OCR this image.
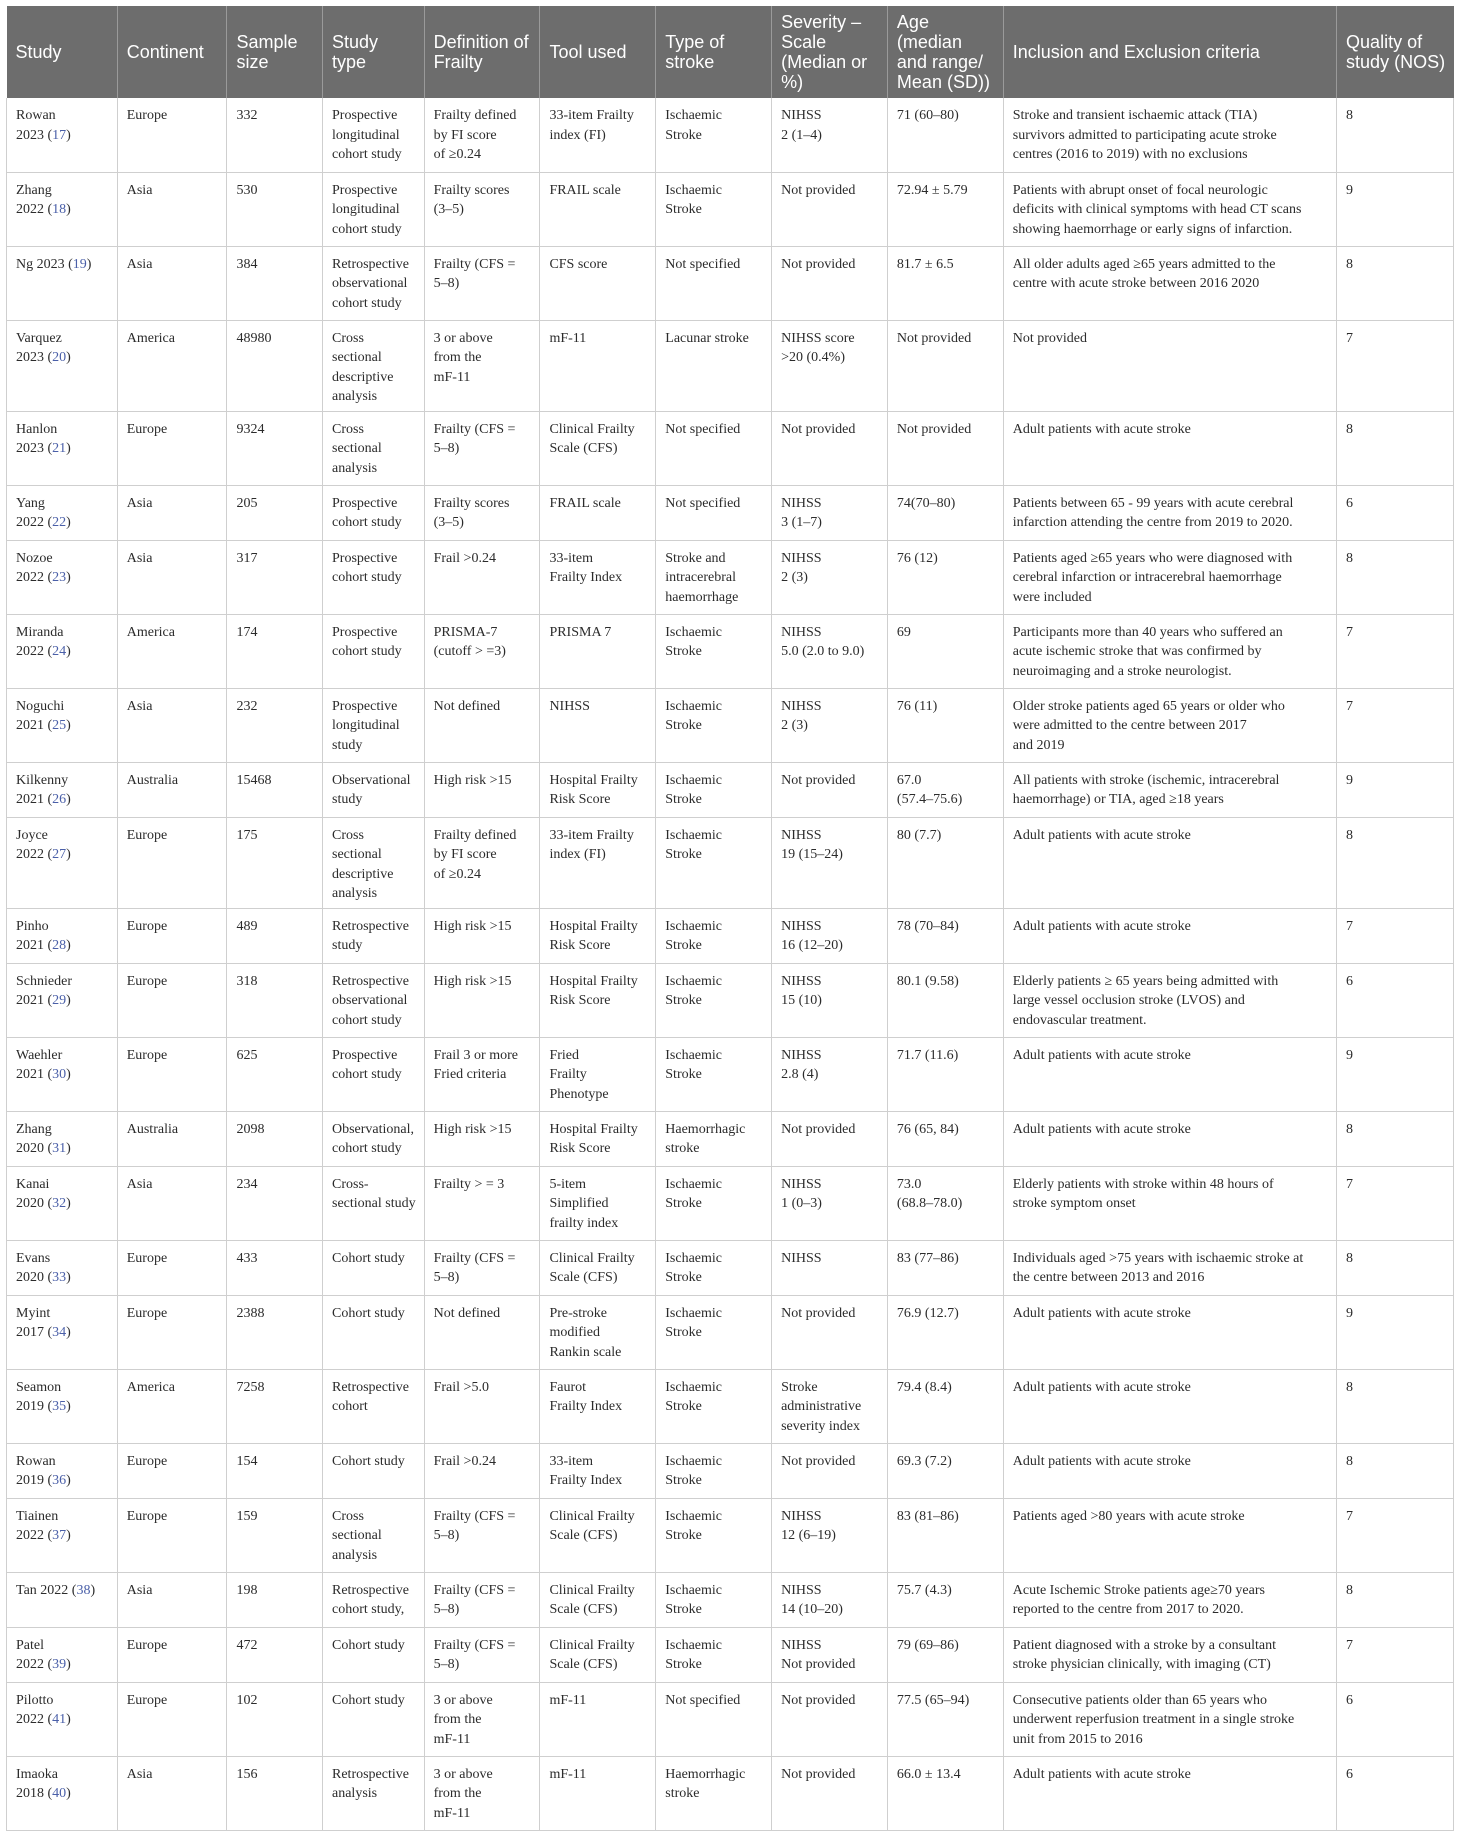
Study	Continent	Sample size	Study type	Definition of Frailty	Tool used	Type of stroke	Severity – Scale (Median or %)	Age (median and range/ Mean (SD))	Inclusion and Exclusion criteria	Quality of study (NOS)
Rowan
2023 (17)	Europe	332	Prospective
longitudinal
cohort study	Frailty defined
by FI score
of ≥0.24	33-item Frailty
index (FI)	Ischaemic
Stroke	NIHSS
2 (1–4)	71 (60–80)	Stroke and transient ischaemic attack (TIA)
survivors admitted to participating acute stroke
centres (2016 to 2019) with no exclusions	8
Zhang
2022 (18)	Asia	530	Prospective
longitudinal
cohort study	Frailty scores
(3–5)	FRAIL scale	Ischaemic
Stroke	Not provided	72.94 ± 5.79	Patients with abrupt onset of focal neurologic
deficits with clinical symptoms with head CT scans
showing haemorrhage or early signs of infarction.	9
Ng 2023 (19)	Asia	384	Retrospective
observational
cohort study	Frailty (CFS =
5–8)	CFS score	Not specified	Not provided	81.7 ± 6.5	All older adults aged ≥65 years admitted to the
centre with acute stroke between 2016 2020	8
Varquez
2023 (20)	America	48980	Cross sectional
descriptive
analysis	3 or above
from the
mF-11	mF-11	Lacunar stroke	NIHSS score
>20 (0.4%)	Not provided	Not provided	7
Hanlon
2023 (21)	Europe	9324	Cross
sectional
analysis	Frailty (CFS =
5–8)	Clinical Frailty
Scale (CFS)	Not specified	Not provided	Not provided	Adult patients with acute stroke	8
Yang
2022 (22)	Asia	205	Prospective
cohort study	Frailty scores
(3–5)	FRAIL scale	Not specified	NIHSS
3 (1–7)	74(70–80)	Patients between 65 - 99 years with acute cerebral
infarction attending the centre from 2019 to 2020.	6
Nozoe
2022 (23)	Asia	317	Prospective
cohort study	Frail >0.24	33-item
Frailty Index	Stroke and
intracerebral
haemorrhage	NIHSS
2 (3)	76 (12)	Patients aged ≥65 years who were diagnosed with
cerebral infarction or intracerebral haemorrhage
were included	8
Miranda
2022 (24)	America	174	Prospective
cohort study	PRISMA-7
(cutoff > =3)	PRISMA 7	Ischaemic
Stroke	NIHSS
5.0 (2.0 to 9.0)	69	Participants more than 40 years who suffered an
acute ischemic stroke that was confirmed by
neuroimaging and a stroke neurologist.	7
Noguchi
2021 (25)	Asia	232	Prospective
longitudinal
study	Not defined	NIHSS	Ischaemic
Stroke	NIHSS
2 (3)	76 (11)	Older stroke patients aged 65 years or older who
were admitted to the centre between 2017
and 2019	7
Kilkenny
2021 (26)	Australia	15468	Observational
study	High risk >15	Hospital Frailty
Risk Score	Ischaemic
Stroke	Not provided	67.0
(57.4–75.6)	All patients with stroke (ischemic, intracerebral
haemorrhage) or TIA, aged ≥18 years	9
Joyce
2022 (27)	Europe	175	Cross sectional
descriptive
analysis	Frailty defined
by FI score
of ≥0.24	33-item Frailty
index (FI)	Ischaemic
Stroke	NIHSS
19 (15–24)	80 (7.7)	Adult patients with acute stroke	8
Pinho
2021 (28)	Europe	489	Retrospective
study	High risk >15	Hospital Frailty
Risk Score	Ischaemic
Stroke	NIHSS
16 (12–20)	78 (70–84)	Adult patients with acute stroke	7
Schnieder
2021 (29)	Europe	318	Retrospective
observational
cohort study	High risk >15	Hospital Frailty
Risk Score	Ischaemic
Stroke	NIHSS
15 (10)	80.1 (9.58)	Elderly patients ≥ 65 years being admitted with
large vessel occlusion stroke (LVOS) and
endovascular treatment.	6
Waehler
2021 (30)	Europe	625	Prospective
cohort study	Frail 3 or more
Fried criteria	Fried
Frailty
Phenotype	Ischaemic
Stroke	NIHSS
2.8 (4)	71.7 (11.6)	Adult patients with acute stroke	9
Zhang
2020 (31)	Australia	2098	Observational,
cohort study	High risk >15	Hospital Frailty
Risk Score	Haemorrhagic
stroke	Not provided	76 (65, 84)	Adult patients with acute stroke	8
Kanai
2020 (32)	Asia	234	Cross-
sectional study	Frailty > = 3	5-item
Simplified
frailty index	Ischaemic
Stroke	NIHSS
1 (0–3)	73.0
(68.8–78.0)	Elderly patients with stroke within 48 hours of
stroke symptom onset	7
Evans
2020 (33)	Europe	433	Cohort study	Frailty (CFS =
5–8)	Clinical Frailty
Scale (CFS)	Ischaemic
Stroke	NIHSS	83 (77–86)	Individuals aged >75 years with ischaemic stroke at
the centre between 2013 and 2016	8
Myint
2017 (34)	Europe	2388	Cohort study	Not defined	Pre-stroke
modified
Rankin scale	Ischaemic
Stroke	Not provided	76.9 (12.7)	Adult patients with acute stroke	9
Seamon
2019 (35)	America	7258	Retrospective
cohort	Frail >5.0	Faurot
Frailty Index	Ischaemic
Stroke	Stroke
administrative
severity index	79.4 (8.4)	Adult patients with acute stroke	8
Rowan
2019 (36)	Europe	154	Cohort study	Frail >0.24	33-item
Frailty Index	Ischaemic
Stroke	Not provided	69.3 (7.2)	Adult patients with acute stroke	8
Tiainen
2022 (37)	Europe	159	Cross
sectional
analysis	Frailty (CFS =
5–8)	Clinical Frailty
Scale (CFS)	Ischaemic
Stroke	NIHSS
12 (6–19)	83 (81–86)	Patients aged >80 years with acute stroke	7
Tan 2022 (38)	Asia	198	Retrospective
cohort study,	Frailty (CFS =
5–8)	Clinical Frailty
Scale (CFS)	Ischaemic
Stroke	NIHSS
14 (10–20)	75.7 (4.3)	Acute Ischemic Stroke patients age≥70 years
reported to the centre from 2017 to 2020.	8
Patel
2022 (39)	Europe	472	Cohort study	Frailty (CFS =
5–8)	Clinical Frailty
Scale (CFS)	Ischaemic
Stroke	NIHSS
Not provided	79 (69–86)	Patient diagnosed with a stroke by a consultant
stroke physician clinically, with imaging (CT)	7
Pilotto
2022 (41)	Europe	102	Cohort study	3 or above
from the
mF-11	mF-11	Not specified	Not provided	77.5 (65–94)	Consecutive patients older than 65 years who
underwent reperfusion treatment in a single stroke
unit from 2015 to 2016	6
Imaoka
2018 (40)	Asia	156	Retrospective
analysis	3 or above
from the
mF-11	mF-11	Haemorrhagic
stroke	Not provided	66.0 ± 13.4	Adult patients with acute stroke	6
